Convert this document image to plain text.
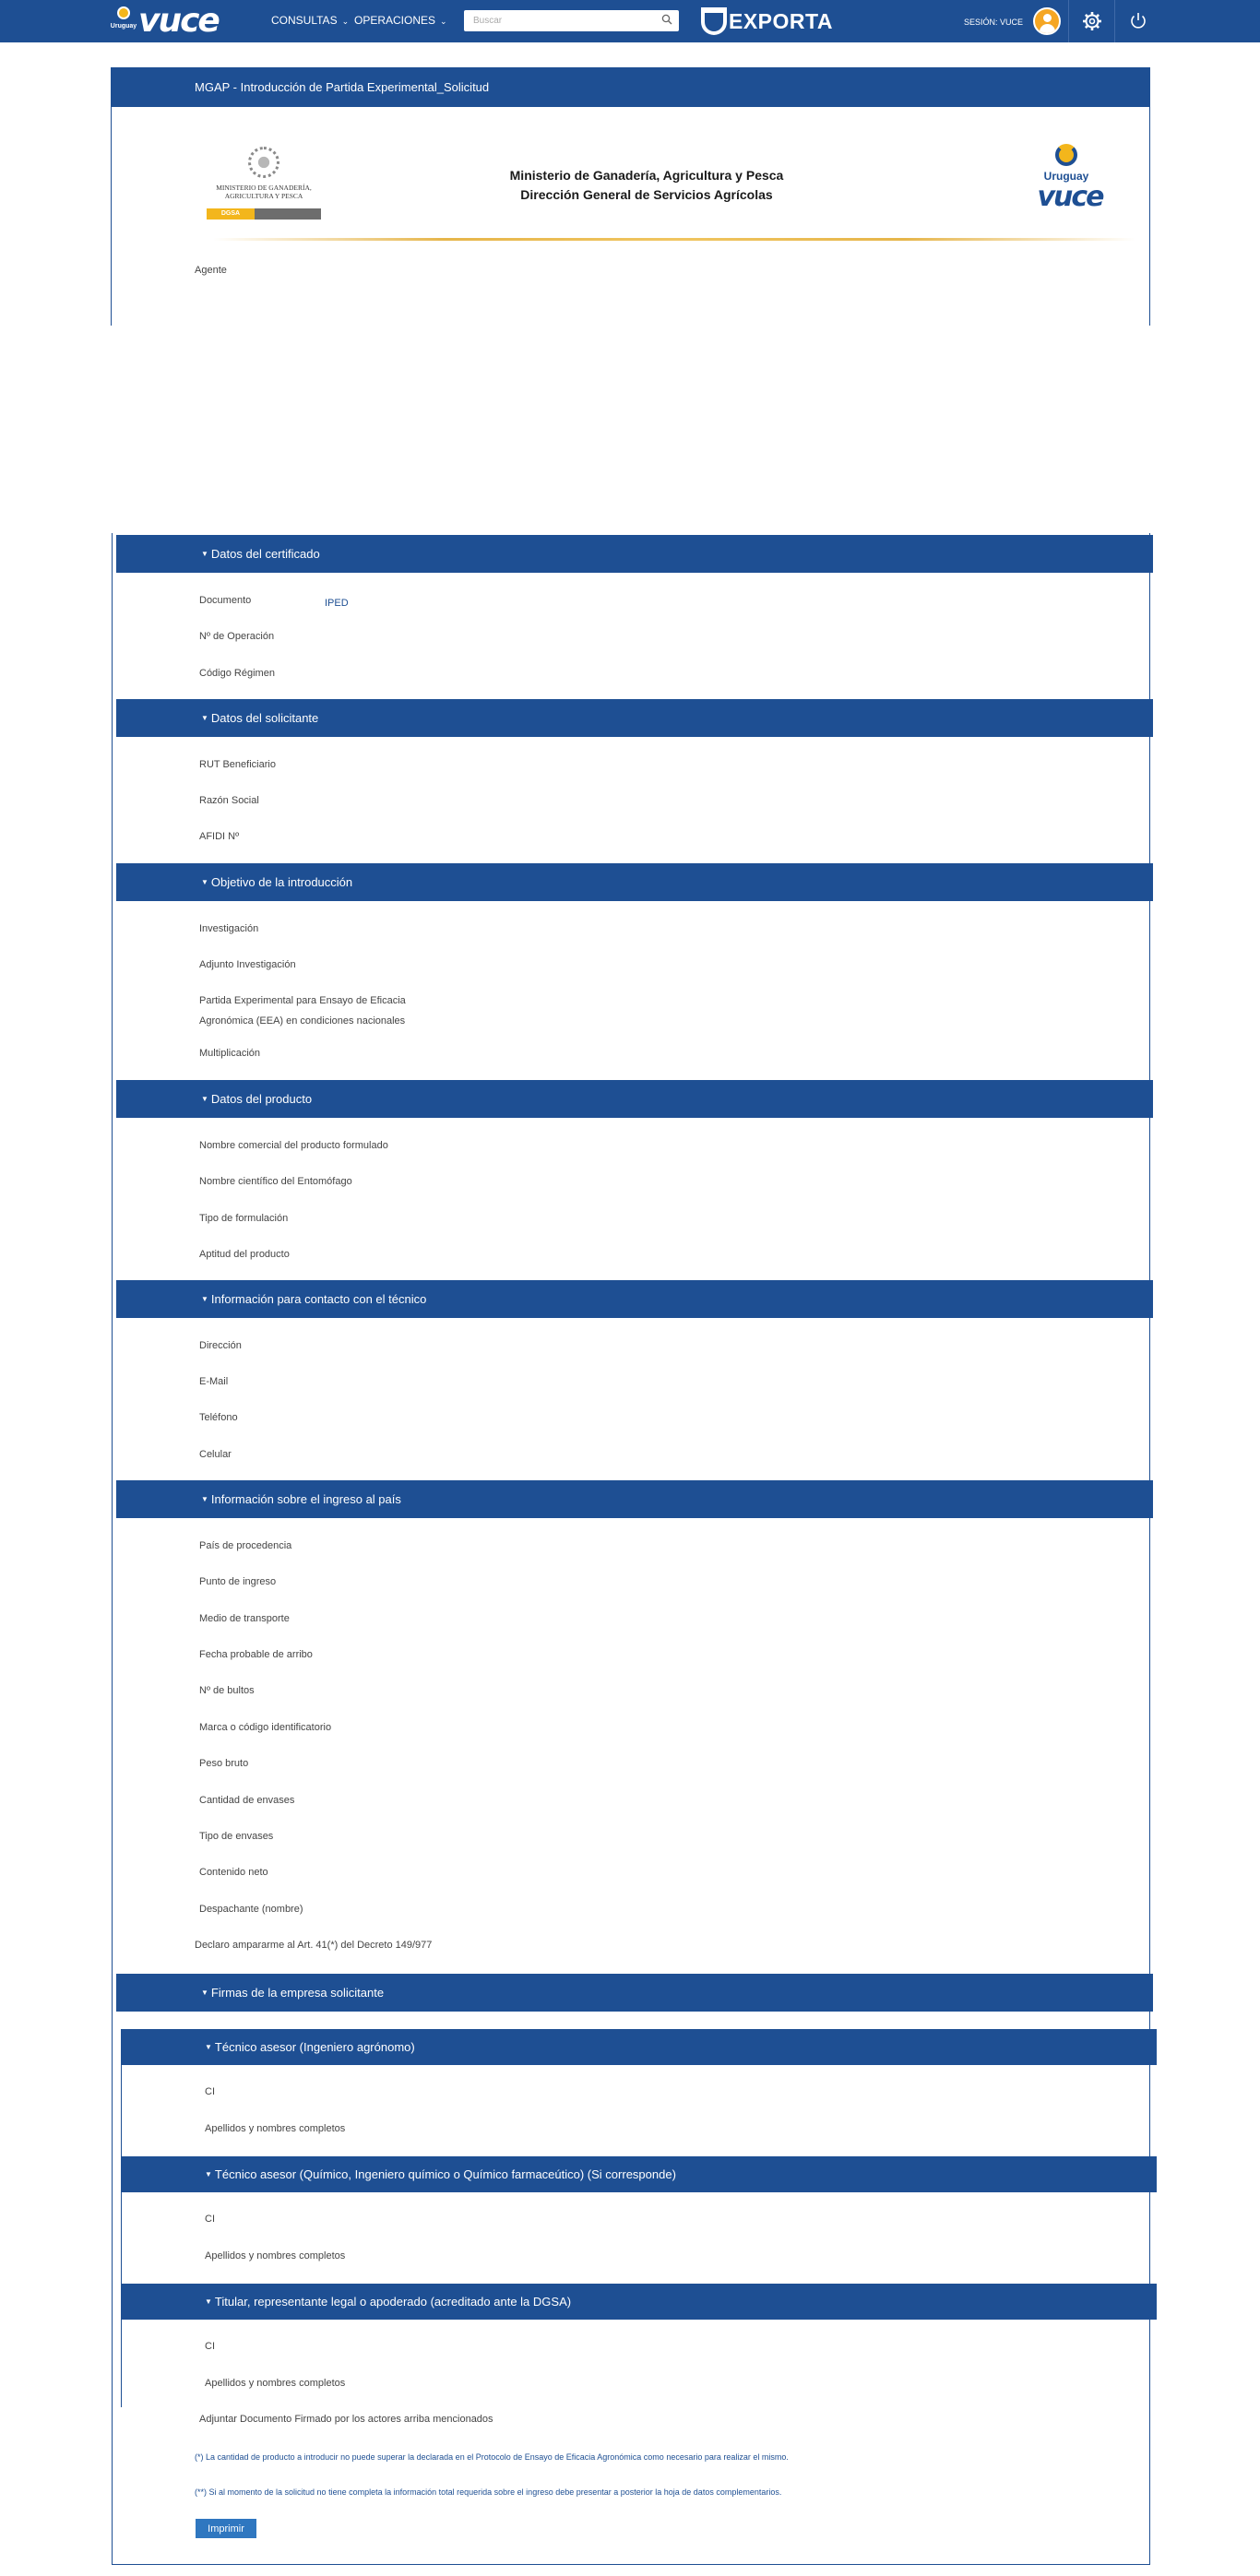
Uruguay vuce	CONSULTAS ⌄ OPERACIONES ⌄
Buscar	EXPORTA	SESIÓN: VUCE
MGAP - Introducción de Partida Experimental_Solicitud
MINISTERIO DE GANADERÍA,
AGRICULTURA Y PESCA
DGSA
Ministerio de Ganadería, Agricultura y Pesca
Dirección General de Servicios Agrícolas
Uruguay
vuce
Agente
▼ Datos del certificado
Documento	IPED
Nº de Operación
Código Régimen
▼ Datos del solicitante
RUT Beneficiario
Razón Social
AFIDI Nº
▼ Objetivo de la introducción
Investigación
Adjunto Investigación
Partida Experimental para Ensayo de Eficacia
Agronómica (EEA) en condiciones nacionales
Multiplicación
▼ Datos del producto
Nombre comercial del producto formulado
Nombre científico del Entomófago
Tipo de formulación
Aptitud del producto
▼ Información para contacto con el técnico
Dirección
E-Mail
Teléfono
Celular
▼ Información sobre el ingreso al país
País de procedencia
Punto de ingreso
Medio de transporte
Fecha probable de arribo
Nº de bultos
Marca o código identificatorio
Peso bruto
Cantidad de envases
Tipo de envases
Contenido neto
Despachante (nombre)
Declaro ampararme al Art. 41(*) del Decreto 149/977
▼ Firmas de la empresa solicitante
▼ Técnico asesor (Ingeniero agrónomo)
CI
Apellidos y nombres completos
▼ Técnico asesor (Químico, Ingeniero químico o Químico farmaceútico) (Si corresponde)
CI
Apellidos y nombres completos
▼ Titular, representante legal o apoderado (acreditado ante la DGSA)
CI
Apellidos y nombres completos
Adjuntar Documento Firmado por los actores arriba mencionados
(*) La cantidad de producto a introducir no puede superar la declarada en el Protocolo de Ensayo de Eficacia Agronómica como necesario para realizar el mismo.
(**) Si al momento de la solicitud no tiene completa la información total requerida sobre el ingreso debe presentar a posterior la hoja de datos complementarios.
Imprimir
